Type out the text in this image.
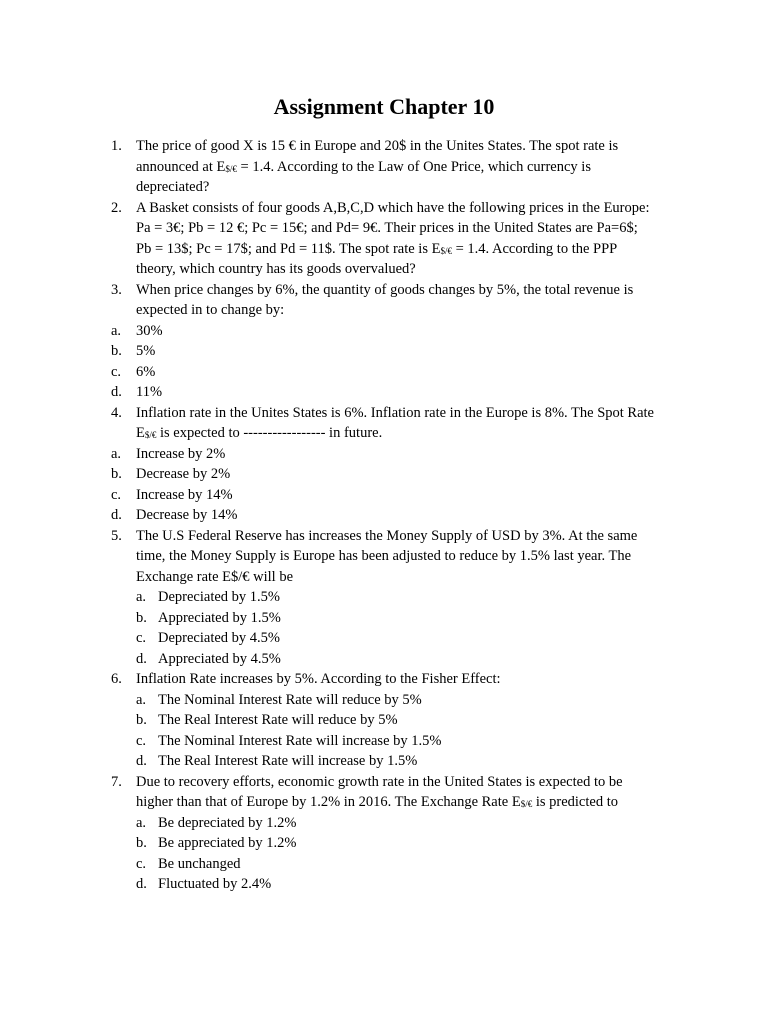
Assignment Chapter 10
1. The price of good X is 15 € in Europe and 20$ in the Unites States. The spot rate is
announced at $E_{\$/€} = 1.4$. According to the Law of One Price, which currency is
depreciated?
2. A Basket consists of four goods A,B,C,D which have the following prices in the Europe:
Pa = 3€; Pb = 12 €; Pc = 15€; and Pd= 9€. Their prices in the United States are Pa=6$;
Pb = 13$; Pc = 17$; and Pd = 11$. The spot rate is $E_{\$/€} = 1.4$. According to the PPP
theory, which country has its goods overvalued?
3. When price changes by 6%, the quantity of goods changes by 5%, the total revenue is
expected in to change by:
a.	30%
b. 5%
c.	6%
d. 11%
4. Inflation rate in the Unites States is 6%. Inflation rate in the Europe is 8%. The Spot Rate
$E_{\$/€}$ is expected to ----------------- in future.
a.	Increase by 2%
b. Decrease by 2%
c.	Increase by 14%
d. Decrease by 14%
5. The U.S Federal Reserve has increases the Money Supply of USD by 3%. At the same
time, the Money Supply is Europe has been adjusted to reduce by 1.5% last year. The
Exchange rate E$/€ will be
a. Depreciated by 1.5%
b. Appreciated by 1.5%
c. Depreciated by 4.5%
d. Appreciated by 4.5%
6. Inflation Rate increases by 5%. According to the Fisher Effect:
a. The Nominal Interest Rate will reduce by 5%
b. The Real Interest Rate will reduce by 5%
c. The Nominal Interest Rate will increase by 1.5%
d. The Real Interest Rate will increase by 1.5%
7. Due to recovery efforts, economic growth rate in the United States is expected to be
higher than that of Europe by 1.2% in 2016. The Exchange Rate $E_{\$/€}$ is predicted to
a. Be depreciated by 1.2%
b. Be appreciated by 1.2%
c. Be unchanged
d. Fluctuated by 2.4%
